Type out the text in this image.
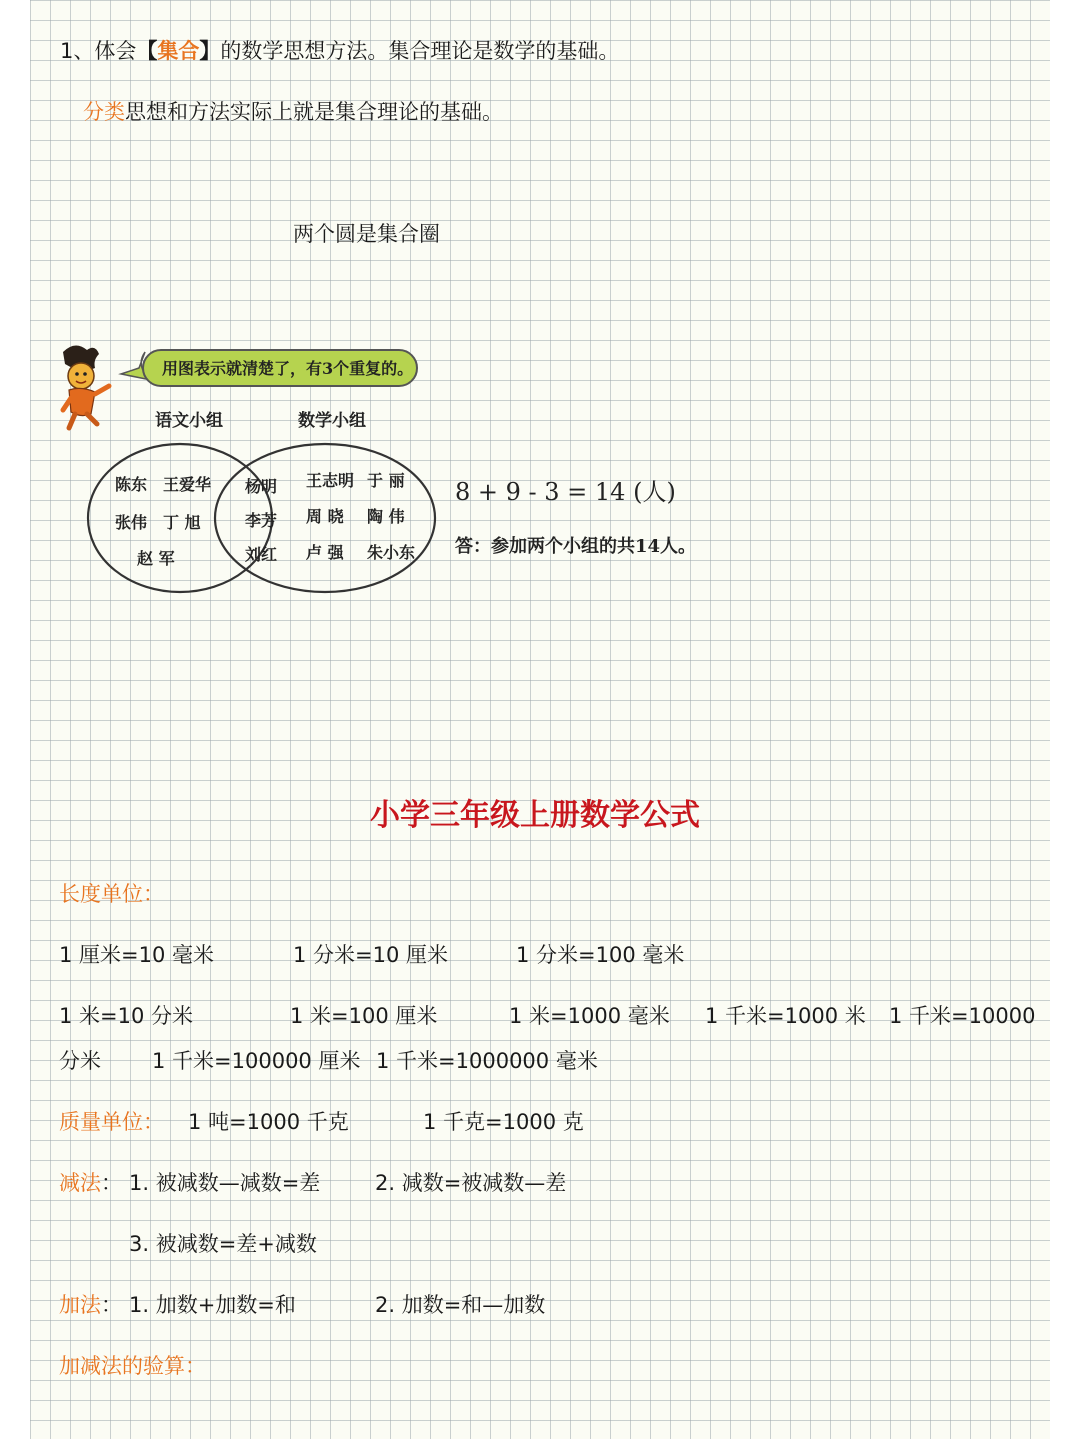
1、体会【集合】的数学思想方法。集合理论是数学的基础。
分类思想和方法实际上就是集合理论的基础。
两个圆是集合圈
用图表示就清楚了，有3个重复的。
语文小组	数学小组
陈东 王爱华
张伟 丁 旭
赵 军
杨明
李芳
刘红
王志明 于 丽
周 晓 陶 伟
卢 强 朱小东
8 + 9 - 3 = 14 (人)
答：参加两个小组的共14人。
小学三年级上册数学公式
长度单位：
1 厘米=10 毫米	1 分米=10 厘米	1 分米=100 毫米
1 米=10 分米	1 米=100 厘米	1 米=1000 毫米 1 千米=1000 米 1 千米=10000
分米 1 千米=100000 厘米 1 千米=1000000 毫米
质量单位： 1 吨=1000 千克	1 千克=1000 克
减法： 1. 被减数—减数=差	2. 减数=被减数—差
3. 被减数=差+减数
加法： 1. 加数+加数=和	2. 加数=和—加数
加减法的验算：
